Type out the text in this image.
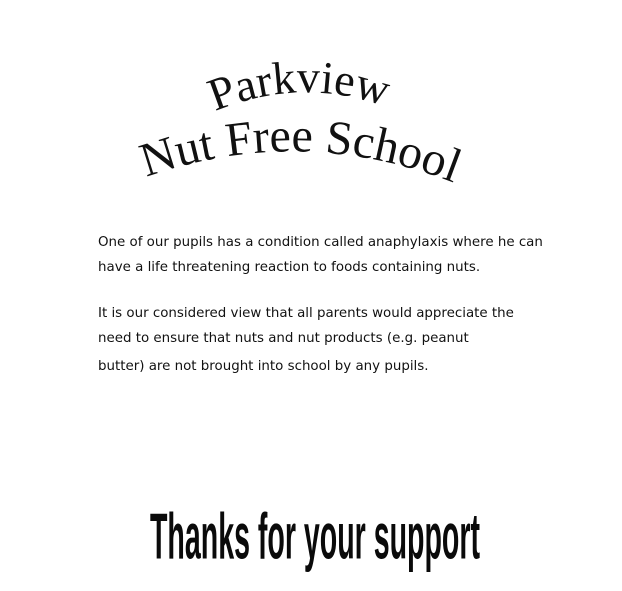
Parkview
Nut Free School

One of our pupils has a condition called anaphylaxis where he can have a life threatening reaction to foods containing nuts.

It is our considered view that all parents would appreciate the
need to ensure that nuts and nut products (e.g. peanut
butter) are not brought into school by any pupils.

Thanks for your support
